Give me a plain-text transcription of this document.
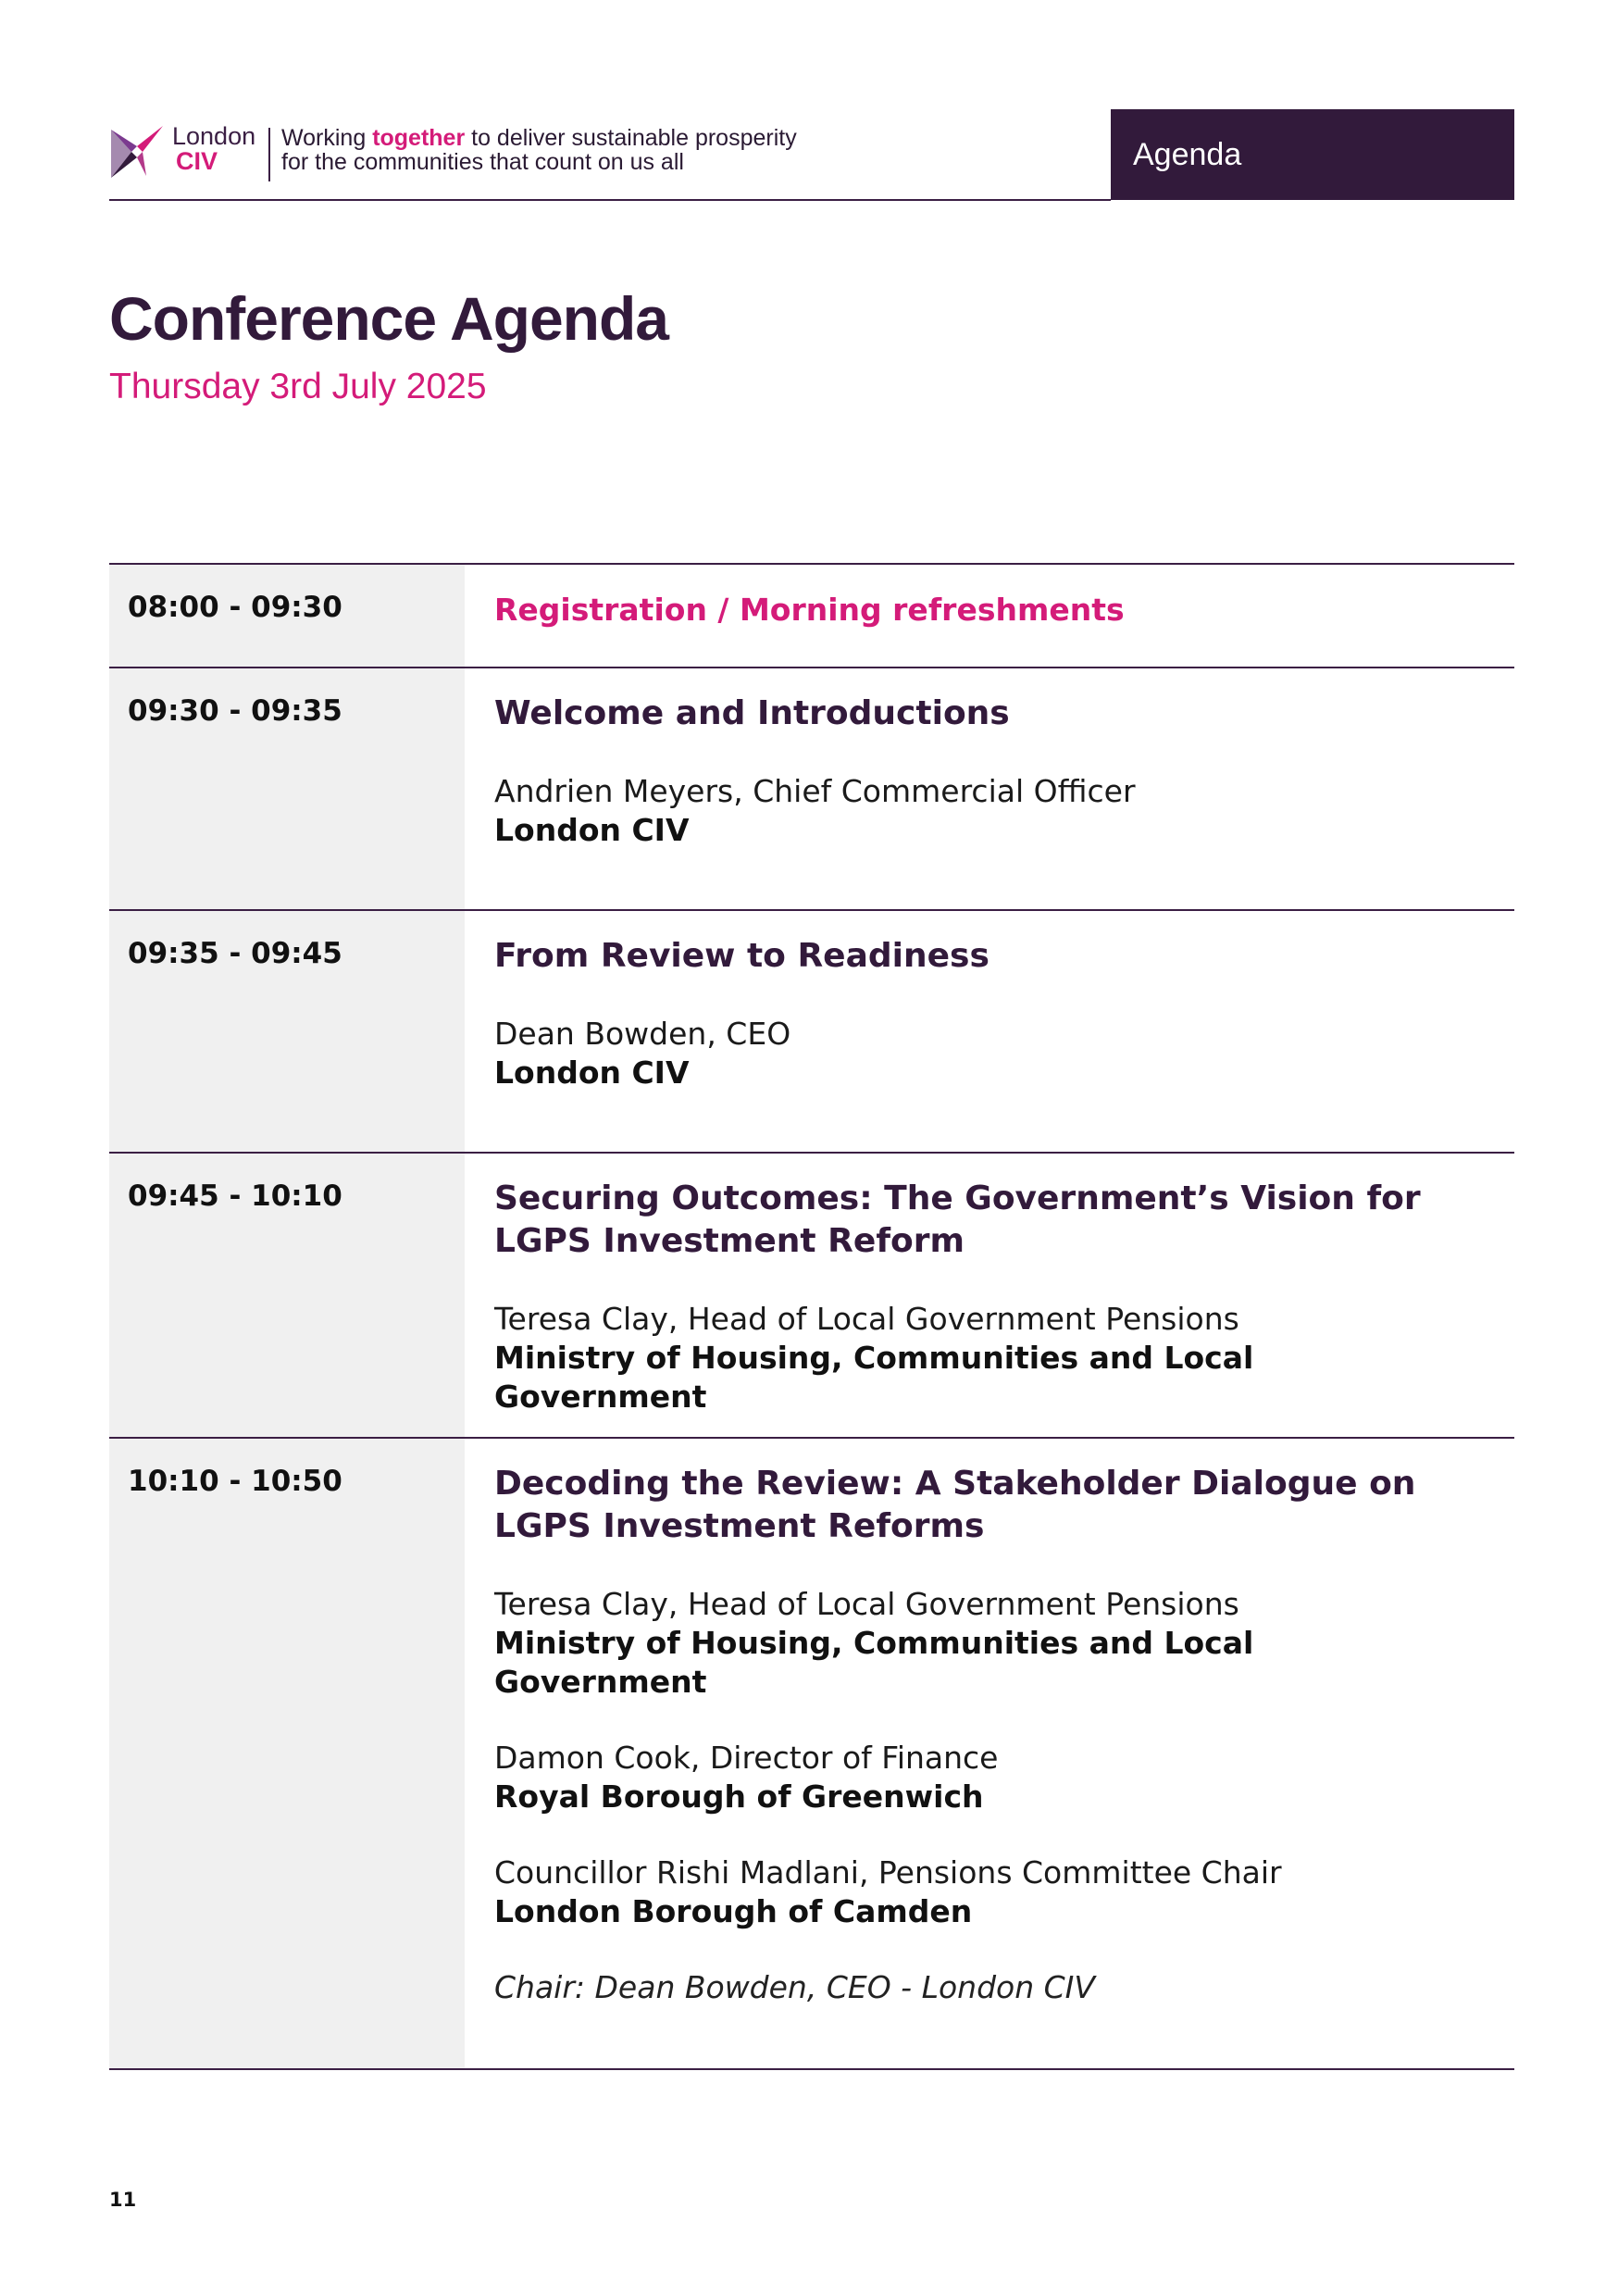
London
CIV
Working together to deliver sustainable prosperity
for the communities that count on us all	Agenda
Conference Agenda
Thursday 3rd July 2025
08:00 - 09:30	Registration / Morning refreshments
09:30 - 09:35	Welcome and Introductions
Andrien Meyers, Chief Commercial Officer
London CIV
09:35 - 09:45	From Review to Readiness
Dean Bowden, CEO
London CIV
09:45 - 10:10	Securing Outcomes: The Government’s Vision for
LGPS Investment Reform
Teresa Clay, Head of Local Government Pensions
Ministry of Housing, Communities and Local Government
10:10 - 10:50	Decoding the Review: A Stakeholder Dialogue on
LGPS Investment Reforms
Teresa Clay, Head of Local Government Pensions
Ministry of Housing, Communities and Local Government
Damon Cook, Director of Finance
Royal Borough of Greenwich
Councillor Rishi Madlani, Pensions Committee Chair
London Borough of Camden
Chair: Dean Bowden, CEO - London CIV
11
